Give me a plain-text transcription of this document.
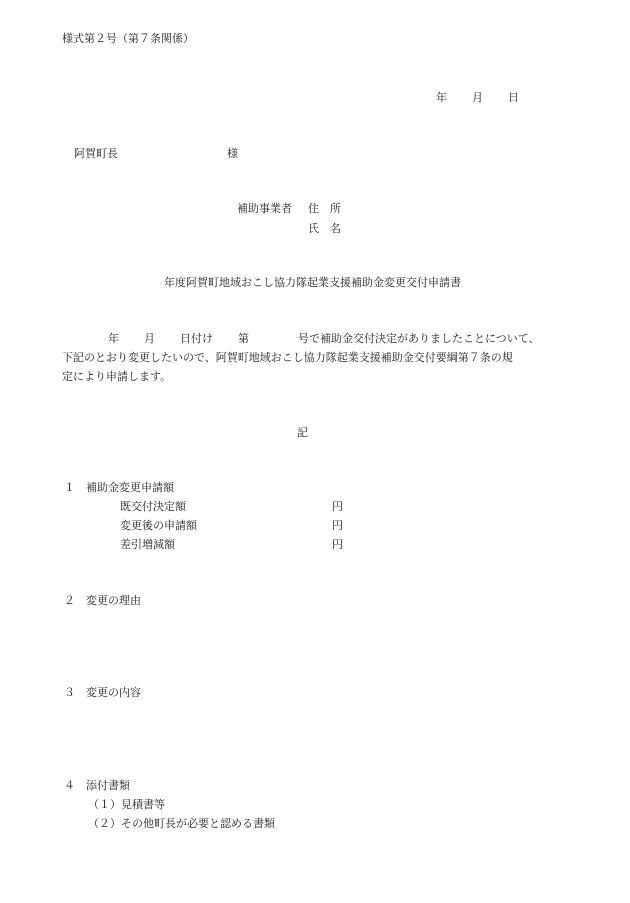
様式第２号（第７条関係）
年 月 日
阿賀町長	様
補助事業者 住　所
氏　名
年度阿賀町地域おこし協力隊起業支援補助金変更交付申請書
年 月 日付け 第	号で補助金交付決定がありましたことについて、
下記のとおり変更したいので、阿賀町地域おこし協力隊起業支援補助金交付要綱第７条の規
定により申請します。
記
１　補助金変更申請額
既交付決定額	円
変更後の申請額	円
差引増減額	円
２　変更の理由
３　変更の内容
４　添付書類
（１）見積書等
（２）その他町長が必要と認める書類
